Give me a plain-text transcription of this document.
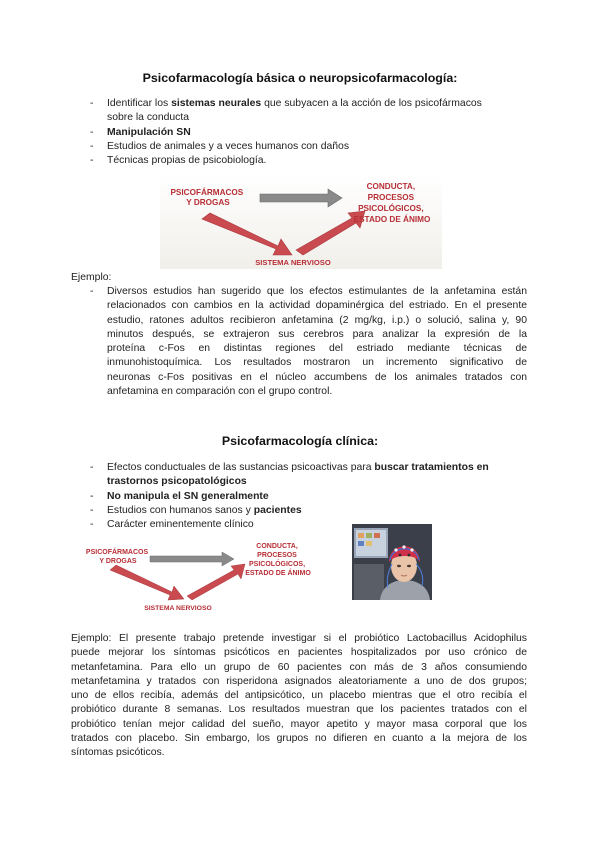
Psicofarmacología básica o neuropsicofarmacología:
- Identificar los sistemas neurales que subyacen a la acción de los psicofármacos
sobre la conducta
- Manipulación SN
- Estudios de animales y a veces humanos con daños
- Técnicas propias de psicobiología.
PSICOFÁRMACOS Y DROGAS
CONDUCTA, PROCESOS PSICOLÓGICOS, ESTADO DE ÁNIMO
SISTEMA NERVIOSO
Ejemplo:
- Diversos estudios han sugerido que los efectos estimulantes de la anfetamina están
relacionados con cambios en la actividad dopaminérgica del estriado. En el presente
estudio, ratones adultos recibieron anfetamina (2 mg/kg, i.p.) o solució, salina y, 90
minutos después, se extrajeron sus cerebros para analizar la expresión de la
proteína c-Fos en distintas regiones del estriado mediante técnicas de
inmunohistoquímica. Los resultados mostraron un incremento significativo de
neuronas c-Fos positivas en el núcleo accumbens de los animales tratados con
anfetamina en comparación con el grupo control.
Psicofarmacología clínica:
- Efectos conductuales de las sustancias psicoactivas para buscar tratamientos en
trastornos psicopatológicos
- No manipula el SN generalmente
- Estudios con humanos sanos y pacientes
- Carácter eminentemente clínico
PSICOFÁRMACOS Y DROGAS
CONDUCTA, PROCESOS PSICOLÓGICOS, ESTADO DE ÁNIMO
SISTEMA NERVIOSO
Ejemplo: El presente trabajo pretende investigar si el probiótico Lactobacillus Acidophilus
puede mejorar los síntomas psicóticos en pacientes hospitalizados por uso crónico de
metanfetamina. Para ello un grupo de 60 pacientes con más de 3 años consumiendo
metanfetamina y tratados con risperidona asignados aleatoriamente a uno de dos grupos;
uno de ellos recibía, además del antipsicótico, un placebo mientras que el otro recibía el
probiótico durante 8 semanas. Los resultados muestran que los pacientes tratados con el
probiótico tenían mejor calidad del sueño, mayor apetito y mayor masa corporal que los
tratados con placebo. Sin embargo, los grupos no difieren en cuanto a la mejora de los
síntomas psicóticos.
